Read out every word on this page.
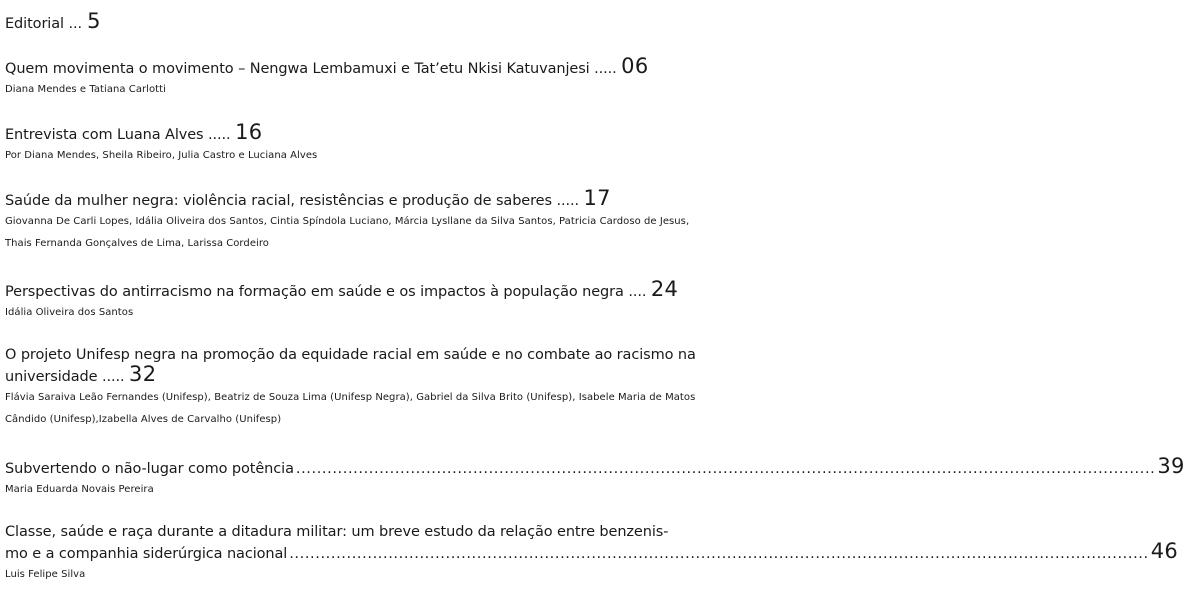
Editorial ... 5
Quem movimenta o movimento – Nengwa Lembamuxi e Tat’etu Nkisi Katuvanjesi ..... 06
Diana Mendes e Tatiana Carlotti
Entrevista com Luana Alves ..... 16
Por Diana Mendes, Sheila Ribeiro, Julia Castro e Luciana Alves
Saúde da mulher negra: violência racial, resistências e produção de saberes ..... 17
Giovanna De Carli Lopes, Idália Oliveira dos Santos, Cintia Spíndola Luciano, Márcia Lysllane da Silva Santos, Patricia Cardoso de Jesus, Thais Fernanda Gonçalves de Lima, Larissa Cordeiro
Perspectivas do antirracismo na formação em saúde e os impactos à população negra .... 24
Idália Oliveira dos Santos
O projeto Unifesp negra na promoção da equidade racial em saúde e no combate ao racismo na universidade ..... 32
Flávia Saraiva Leão Fernandes (Unifesp), Beatriz de Souza Lima (Unifesp Negra), Gabriel da Silva Brito (Unifesp), Isabele Maria de Matos Cândido (Unifesp),Izabella Alves de Carvalho (Unifesp)
Subvertendo o não-lugar como potência ..................................................................................................................................................................... 39
Maria Eduarda Novais Pereira
Classe, saúde e raça durante a ditadura militar: um breve estudo da relação entre benzenis-
mo e a companhia siderúrgica nacional ..................................................................................................................................................................... 46
Luis Felipe Silva
